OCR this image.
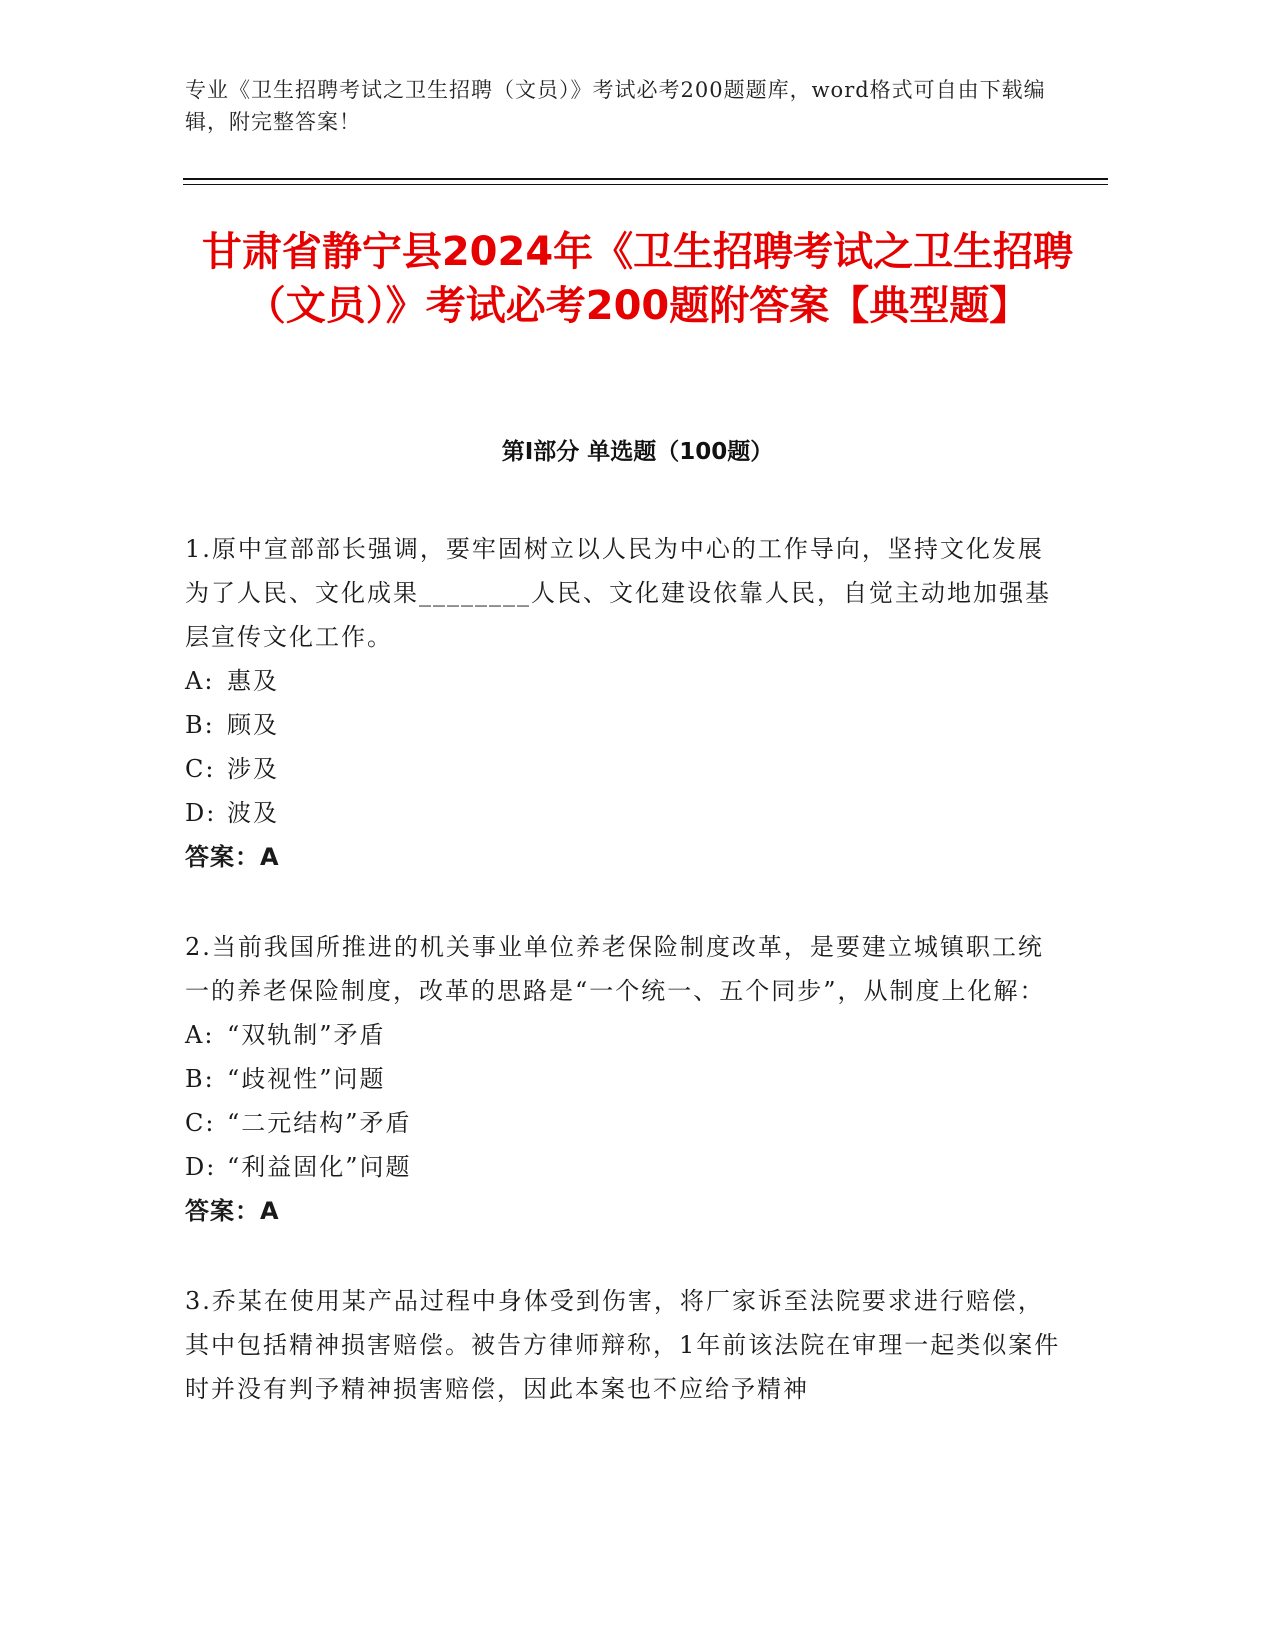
专业《卫生招聘考试之卫生招聘（文员）》考试必考200题题库，word格式可自由下载编辑，附完整答案！
甘肃省静宁县2024年《卫生招聘考试之卫生招聘（文员）》考试必考200题附答案【典型题】
第Ⅰ部分 单选题（100题）
1.原中宣部部长强调，要牢固树立以人民为中心的工作导向，坚持文化发展为了人民、文化成果________人民、文化建设依靠人民，自觉主动地加强基层宣传文化工作。
A: 惠及
B: 顾及
C: 涉及
D: 波及
答案：A
2.当前我国所推进的机关事业单位养老保险制度改革，是要建立城镇职工统一的养老保险制度，改革的思路是“一个统一、五个同步”，从制度上化解：
A: “双轨制”矛盾
B: “歧视性”问题
C: “二元结构”矛盾
D: “利益固化”问题
答案：A
3.乔某在使用某产品过程中身体受到伤害，将厂家诉至法院要求进行赔偿，其中包括精神损害赔偿。被告方律师辩称，1年前该法院在审理一起类似案件时并没有判予精神损害赔偿，因此本案也不应给予精神
